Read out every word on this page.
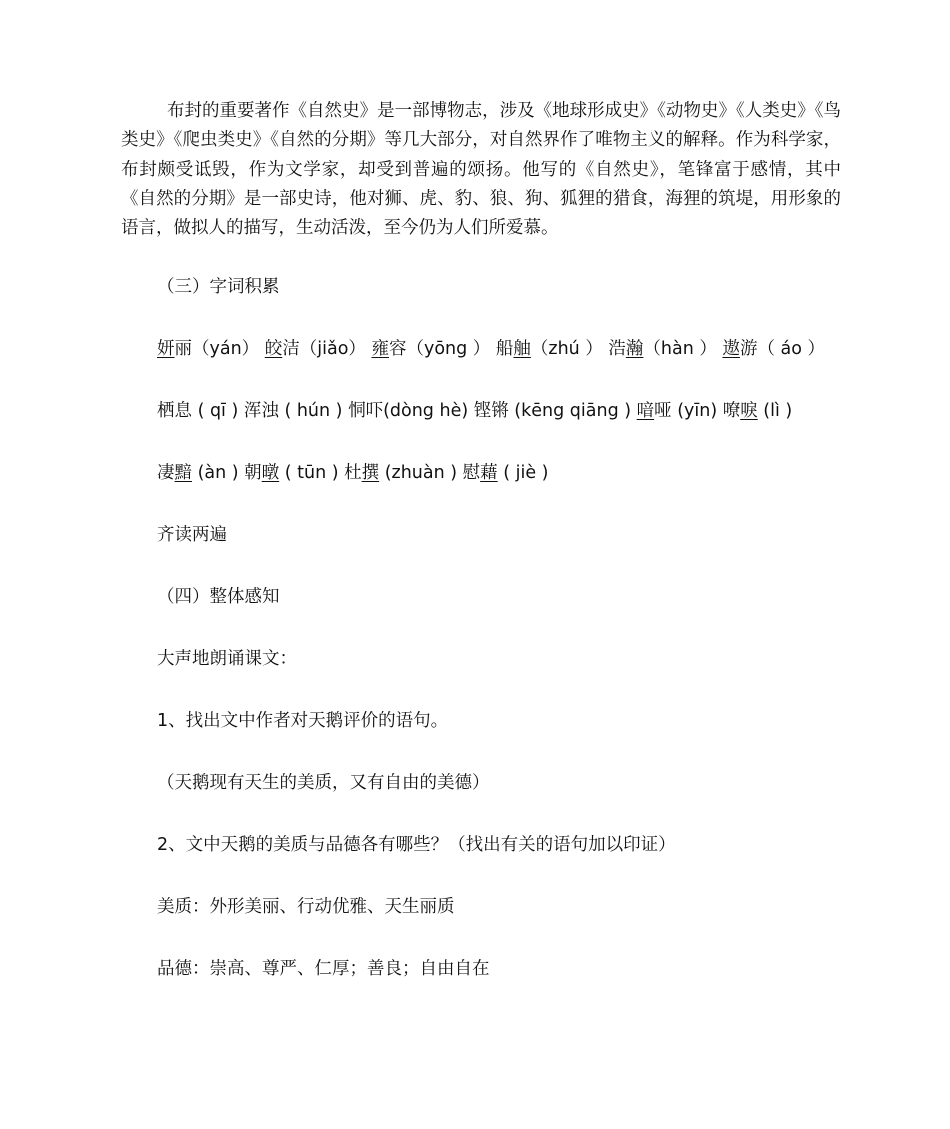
布封的重要著作《自然史》是一部博物志，涉及《地球形成史》《动物史》《人类史》《鸟类史》《爬虫类史》《自然的分期》等几大部分，对自然界作了唯物主义的解释。作为科学家，布封颇受诋毁，作为文学家，却受到普遍的颂扬。他写的《自然史》，笔锋富于感情，其中《自然的分期》是一部史诗，他对狮、虎、豹、狼、狗、狐狸的猎食，海狸的筑堤，用形象的语言，做拟人的描写，生动活泼，至今仍为人们所爱慕。

（三）字词积累

妍丽（yán） 皎洁（jiǎo） 雍容（yōng ） 船舳（zhú ） 浩瀚（hàn ） 遨游（ áo ）

栖息 ( qī ) 浑浊 ( hún ) 恫吓(dòng hè) 铿锵 (kēng qiāng ) 喑哑 (yīn) 嘹唳 (lì )

凄黯 (àn ) 朝暾 ( tūn ) 杜撰 (zhuàn ) 慰藉 ( jiè )

齐读两遍

（四）整体感知

大声地朗诵课文：

1、找出文中作者对天鹅评价的语句。

（天鹅现有天生的美质，又有自由的美德）

2、文中天鹅的美质与品德各有哪些？（找出有关的语句加以印证）

美质：外形美丽、行动优雅、天生丽质

品德：崇高、尊严、仁厚；善良；自由自在
